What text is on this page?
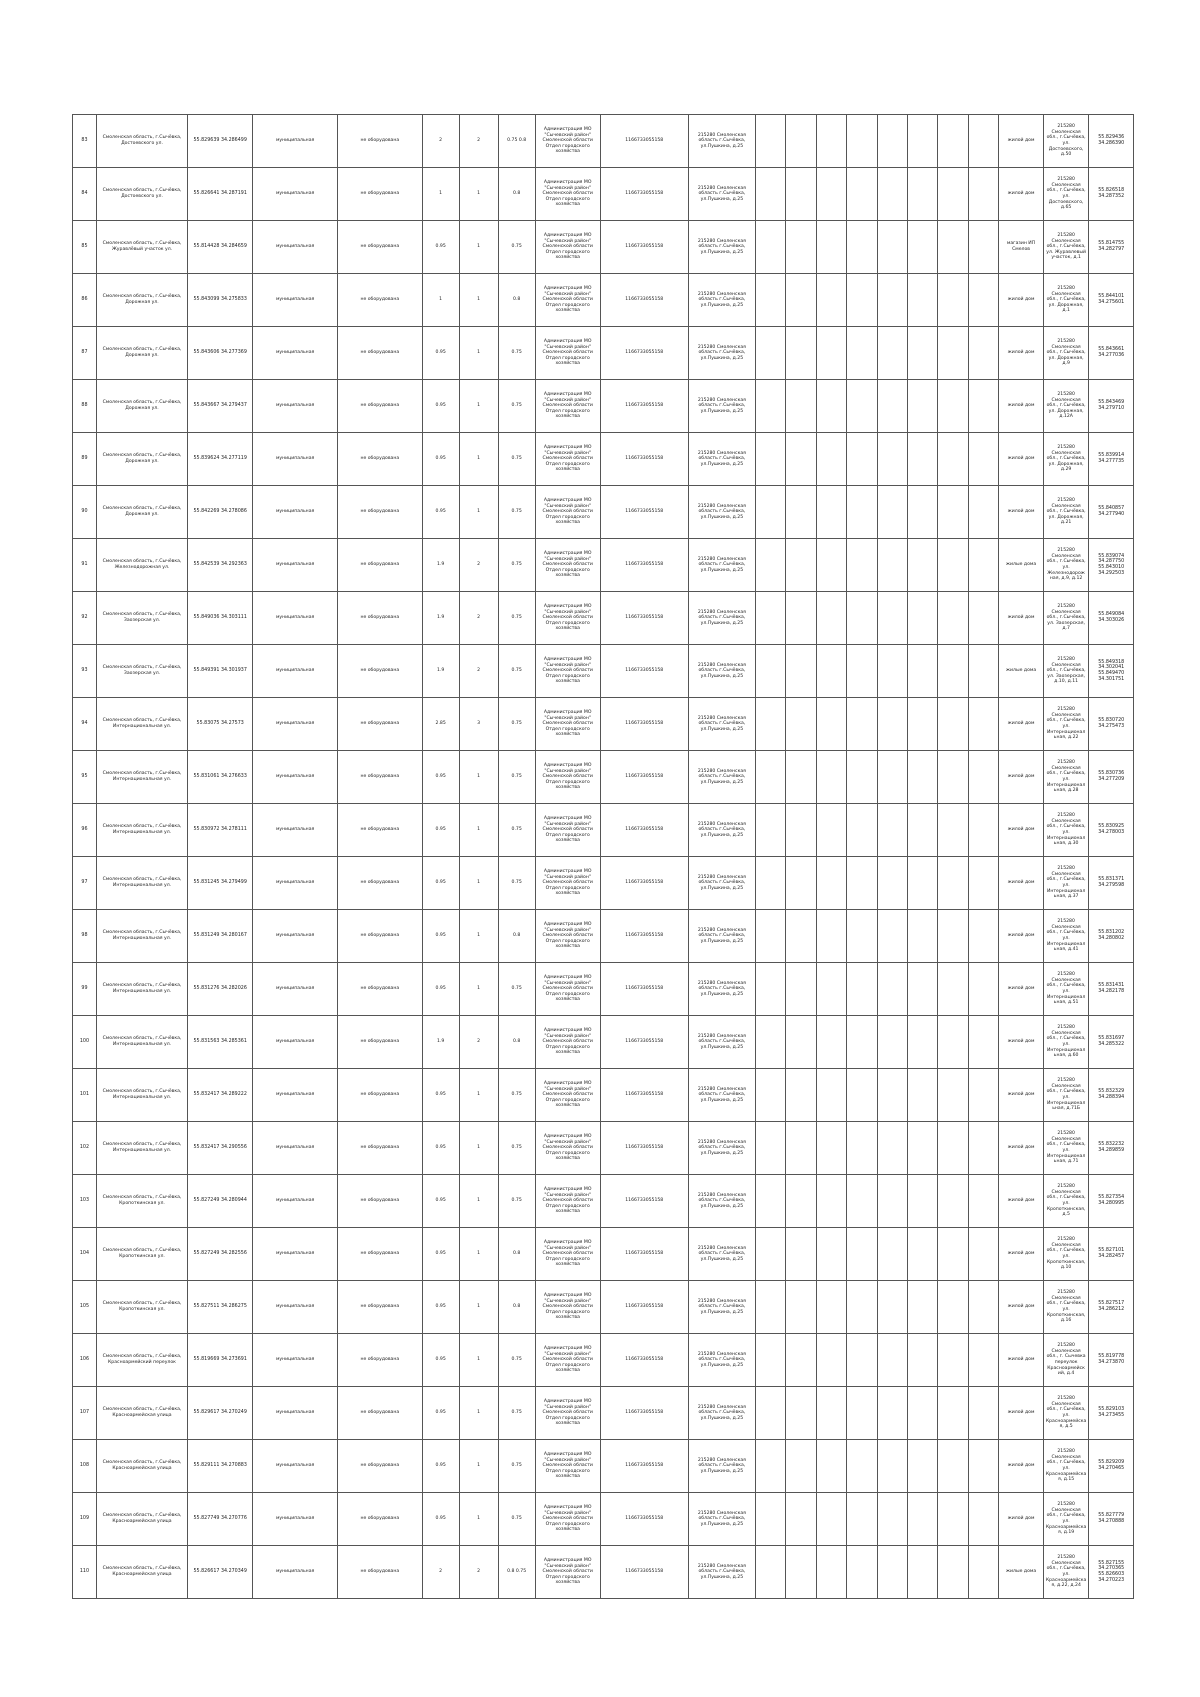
83	Смоленская область, г.Сычёвка, Достоевского ул.	55.829639 34.286499	муниципальная	не оборудована	2	2	0.75 0.8	Администрация МО "Сычевский район" Смоленской области Отдел городского хозяйства	1166733055158	215280 Смоленская область г.Сычёвка, ул.Пушкина, д.25									жилой дом	215280 Смоленская обл., г.Сычёвка, ул. Достоевского, д.50	55.829436 34.286390
84	Смоленская область, г.Сычёвка, Достоевского ул.	55.826641 34.287191	муниципальная	не оборудована	1	1	0.8	Администрация МО "Сычевский район" Смоленской области Отдел городского хозяйства	1166733055158	215280 Смоленская область г.Сычёвка, ул.Пушкина, д.25									жилой дом	215280 Смоленская обл., г.Сычёвка, ул. Достоевского, д.65	55.826518 34.287352
85	Смоленская область, г.Сычёвка, Журавлёвый участок ул.	55.814428 34.284659	муниципальная	не оборудована	0.95	1	0.75	Администрация МО "Сычевский район" Смоленской области Отдел городского хозяйства	1166733055158	215280 Смоленская область г.Сычёвка, ул.Пушкина, д.25									магазин ИП Смелов	215280 Смоленская обл., г.Сычёвка, ул. Журавлевый участок, д.1	55.814755 34.282797
86	Смоленская область, г.Сычёвка, Дорожная ул.	55.843099 34.275833	муниципальная	не оборудована	1	1	0.8	Администрация МО "Сычевский район" Смоленской области Отдел городского хозяйства	1166733055158	215280 Смоленская область г.Сычёвка, ул.Пушкина, д.25									жилой дом	215280 Смоленская обл., г.Сычёвка, ул. Дорожная, д.1	55.844101 34.275601
87	Смоленская область, г.Сычёвка, Дорожная ул.	55.843606 34.277369	муниципальная	не оборудована	0.95	1	0.75	Администрация МО "Сычевский район" Смоленской области Отдел городского хозяйства	1166733055158	215280 Смоленская область г.Сычёвка, ул.Пушкина, д.25									жилой дом	215280 Смоленская обл., г.Сычёвка, ул. Дорожная, д.9	55.843661 34.277036
88	Смоленская область, г.Сычёвка, Дорожная ул.	55.843667 34.279437	муниципальная	не оборудована	0.95	1	0.75	Администрация МО "Сычевский район" Смоленской области Отдел городского хозяйства	1166733055158	215280 Смоленская область г.Сычёвка, ул.Пушкина, д.25									жилой дом	215280 Смоленская обл., г.Сычёвка, ул. Дорожная, д.12А	55.843469 34.279710
89	Смоленская область, г.Сычёвка, Дорожная ул.	55.839624 34.277119	муниципальная	не оборудована	0.95	1	0.75	Администрация МО "Сычевский район" Смоленской области Отдел городского хозяйства	1166733055158	215280 Смоленская область г.Сычёвка, ул.Пушкина, д.25									жилой дом	215280 Смоленская обл., г.Сычёвка, ул. Дорожная, д.29	55.839914 34.277735
90	Смоленская область, г.Сычёвка, Дорожная ул.	55.842269 34.278086	муниципальная	не оборудована	0.95	1	0.75	Администрация МО "Сычевский район" Смоленской области Отдел городского хозяйства	1166733055158	215280 Смоленская область г.Сычёвка, ул.Пушкина, д.25									жилой дом	215280 Смоленская обл., г.Сычёвка, ул. Дорожная, д.21	55.840857 34.277940
91	Смоленская область, г.Сычёвка, Железнодорожная ул.	55.842539 34.292363	муниципальная	не оборудована	1.9	2	0.75	Администрация МО "Сычевский район" Смоленской области Отдел городского хозяйства	1166733055158	215280 Смоленская область г.Сычёвка, ул.Пушкина, д.25									жилые дома	215280 Смоленская обл., г.Сычёвка, ул. Железнодорожная, д.9, д.12	55.839074 34.287750 55.843010 34.292503
92	Смоленская область, г.Сычёвка, Заозерская ул.	55.849036 34.303111	муниципальная	не оборудована	1.9	2	0.75	Администрация МО "Сычевский район" Смоленской области Отдел городского хозяйства	1166733055158	215280 Смоленская область г.Сычёвка, ул.Пушкина, д.25									жилой дом	215280 Смоленская обл., г.Сычёвка, ул. Заозерская, д.7	55.849084 34.303026
93	Смоленская область, г.Сычёвка, Заозерская ул.	55.849391 34.301937	муниципальная	не оборудована	1.9	2	0.75	Администрация МО "Сычевский район" Смоленской области Отдел городского хозяйства	1166733055158	215280 Смоленская область г.Сычёвка, ул.Пушкина, д.25									жилые дома	215280 Смоленская обл., г.Сычёвка, ул. Заозерская, д.10, д.11	55.849318 34.302041 55.849470 34.301751
94	Смоленская область, г.Сычёвка, Интернациональная ул.	55.83075 34.27573	муниципальная	не оборудована	2.85	3	0.75	Администрация МО "Сычевский район" Смоленской области Отдел городского хозяйства	1166733055158	215280 Смоленская область г.Сычёвка, ул.Пушкина, д.25									жилой дом	215280 Смоленская обл., г.Сычёвка, ул. Интернациональная, д.22	55.830720 34.275473
95	Смоленская область, г.Сычёвка, Интернациональная ул.	55.831061 34.276633	муниципальная	не оборудована	0.95	1	0.75	Администрация МО "Сычевский район" Смоленской области Отдел городского хозяйства	1166733055158	215280 Смоленская область г.Сычёвка, ул.Пушкина, д.25									жилой дом	215280 Смоленская обл., г.Сычёвка, ул. Интернациональная, д.28	55.830736 34.277209
96	Смоленская область, г.Сычёвка, Интернациональная ул.	55.830972 34.278111	муниципальная	не оборудована	0.95	1	0.75	Администрация МО "Сычевский район" Смоленской области Отдел городского хозяйства	1166733055158	215280 Смоленская область г.Сычёвка, ул.Пушкина, д.25									жилой дом	215280 Смоленская обл., г.Сычёвка, ул. Интернациональная, д.30	55.830925 34.278003
97	Смоленская область, г.Сычёвка, Интернациональная ул.	55.831245 34.279499	муниципальная	не оборудована	0.95	1	0.75	Администрация МО "Сычевский район" Смоленской области Отдел городского хозяйства	1166733055158	215280 Смоленская область г.Сычёвка, ул.Пушкина, д.25									жилой дом	215280 Смоленская обл., г.Сычёвка, ул. Интернациональная, д.37	55.831371 34.279598
98	Смоленская область, г.Сычёвка, Интернациональная ул.	55.831249 34.280167	муниципальная	не оборудована	0.95	1	0.8	Администрация МО "Сычевский район" Смоленской области Отдел городского хозяйства	1166733055158	215280 Смоленская область г.Сычёвка, ул.Пушкина, д.25									жилой дом	215280 Смоленская обл., г.Сычёвка, ул. Интернациональная, д.41	55.831202 34.280802
99	Смоленская область, г.Сычёвка, Интернациональная ул.	55.831276 34.282026	муниципальная	не оборудована	0.95	1	0.75	Администрация МО "Сычевский район" Смоленской области Отдел городского хозяйства	1166733055158	215280 Смоленская область г.Сычёвка, ул.Пушкина, д.25									жилой дом	215280 Смоленская обл., г.Сычёвка, ул. Интернациональная, д.51	55.831431 34.282178
100	Смоленская область, г.Сычёвка, Интернациональная ул.	55.831563 34.285361	муниципальная	не оборудована	1.9	2	0.8	Администрация МО "Сычевский район" Смоленской области Отдел городского хозяйства	1166733055158	215280 Смоленская область г.Сычёвка, ул.Пушкина, д.25									жилой дом	215280 Смоленская обл., г.Сычёвка, ул. Интернациональная, д.60	55.831697 34.285322
101	Смоленская область, г.Сычёвка, Интернациональная ул.	55.832417 34.289222	муниципальная	не оборудована	0.95	1	0.75	Администрация МО "Сычевский район" Смоленской области Отдел городского хозяйства	1166733055158	215280 Смоленская область г.Сычёвка, ул.Пушкина, д.25									жилой дом	215280 Смоленская обл., г.Сычёвка, ул. Интернациональная, д.71Б	55.832329 34.288394
102	Смоленская область, г.Сычёвка, Интернациональная ул.	55.832417 34.290556	муниципальная	не оборудована	0.95	1	0.75	Администрация МО "Сычевский район" Смоленской области Отдел городского хозяйства	1166733055158	215280 Смоленская область г.Сычёвка, ул.Пушкина, д.25									жилой дом	215280 Смоленская обл., г.Сычёвка, ул. Интернациональная, д.71	55.832232 34.289859
103	Смоленская область, г.Сычёвка, Кропоткинская ул.	55.827249 34.280944	муниципальная	не оборудована	0.95	1	0.75	Администрация МО "Сычевский район" Смоленской области Отдел городского хозяйства	1166733055158	215280 Смоленская область г.Сычёвка, ул.Пушкина, д.25									жилой дом	215280 Смоленская обл., г.Сычёвка, ул. Кропоткинская, д.5	55.827354 34.280995
104	Смоленская область, г.Сычёвка, Кропоткинская ул.	55.827249 34.282556	муниципальная	не оборудована	0.95	1	0.8	Администрация МО "Сычевский район" Смоленской области Отдел городского хозяйства	1166733055158	215280 Смоленская область г.Сычёвка, ул.Пушкина, д.25									жилой дом	215280 Смоленская обл., г.Сычёвка, ул. Кропоткинская, д.10	55.827101 34.282457
105	Смоленская область, г.Сычёвка, Кропоткинская ул.	55.827511 34.286275	муниципальная	не оборудована	0.95	1	0.8	Администрация МО "Сычевский район" Смоленской области Отдел городского хозяйства	1166733055158	215280 Смоленская область г.Сычёвка, ул.Пушкина, д.25									жилой дом	215280 Смоленская обл., г.Сычёвка, ул. Кропоткинская, д.16	55.827517 34.286212
106	Смоленская область, г.Сычёвка, Красноармейский переулок	55.819669 34.273691	муниципальная	не оборудована	0.95	1	0.75	Администрация МО "Сычевский район" Смоленской области Отдел городского хозяйства	1166733055158	215280 Смоленская область г.Сычёвка, ул.Пушкина, д.25									жилой дом	215280 Смоленская обл., г. Сычевка переулок Красноармейский, д.4	55.819778 34.273870
107	Смоленская область, г.Сычёвка, Красноармейская улица	55.829617 34.270249	муниципальная	не оборудована	0.95	1	0.75	Администрация МО "Сычевский район" Смоленской области Отдел городского хозяйства	1166733055158	215280 Смоленская область г.Сычёвка, ул.Пушкина, д.25									жилой дом	215280 Смоленская обл., г.Сычёвка, ул. Красноармейская, д.5	55.829103 34.273455
108	Смоленская область, г.Сычёвка, Красноармейская улица	55.829111 34.270883	муниципальная	не оборудована	0.95	1	0.75	Администрация МО "Сычевский район" Смоленской области Отдел городского хозяйства	1166733055158	215280 Смоленская область г.Сычёвка, ул.Пушкина, д.25									жилой дом	215280 Смоленская обл., г.Сычёвка, ул. Красноармейская, д.15	55.829209 34.270465
109	Смоленская область, г.Сычёвка, Красноармейская улица	55.827749 34.270776	муниципальная	не оборудована	0.95	1	0.75	Администрация МО "Сычевский район" Смоленской области Отдел городского хозяйства	1166733055158	215280 Смоленская область г.Сычёвка, ул.Пушкина, д.25									жилой дом	215280 Смоленская обл., г.Сычёвка, ул. Красноармейская, д.19	55.827779 34.270888
110	Смоленская область, г.Сычёвка, Красноармейская улица	55.826617 34.270349	муниципальная	не оборудована	2	2	0.8 0.75	Администрация МО "Сычевский район" Смоленской области Отдел городского хозяйства	1166733055158	215280 Смоленская область г.Сычёвка, ул.Пушкина, д.25									жилые дома	215280 Смоленская обл., г.Сычёвка, ул. Красноармейская, д.22, д.24	55.827155 34.270365 55.826603 34.270223
